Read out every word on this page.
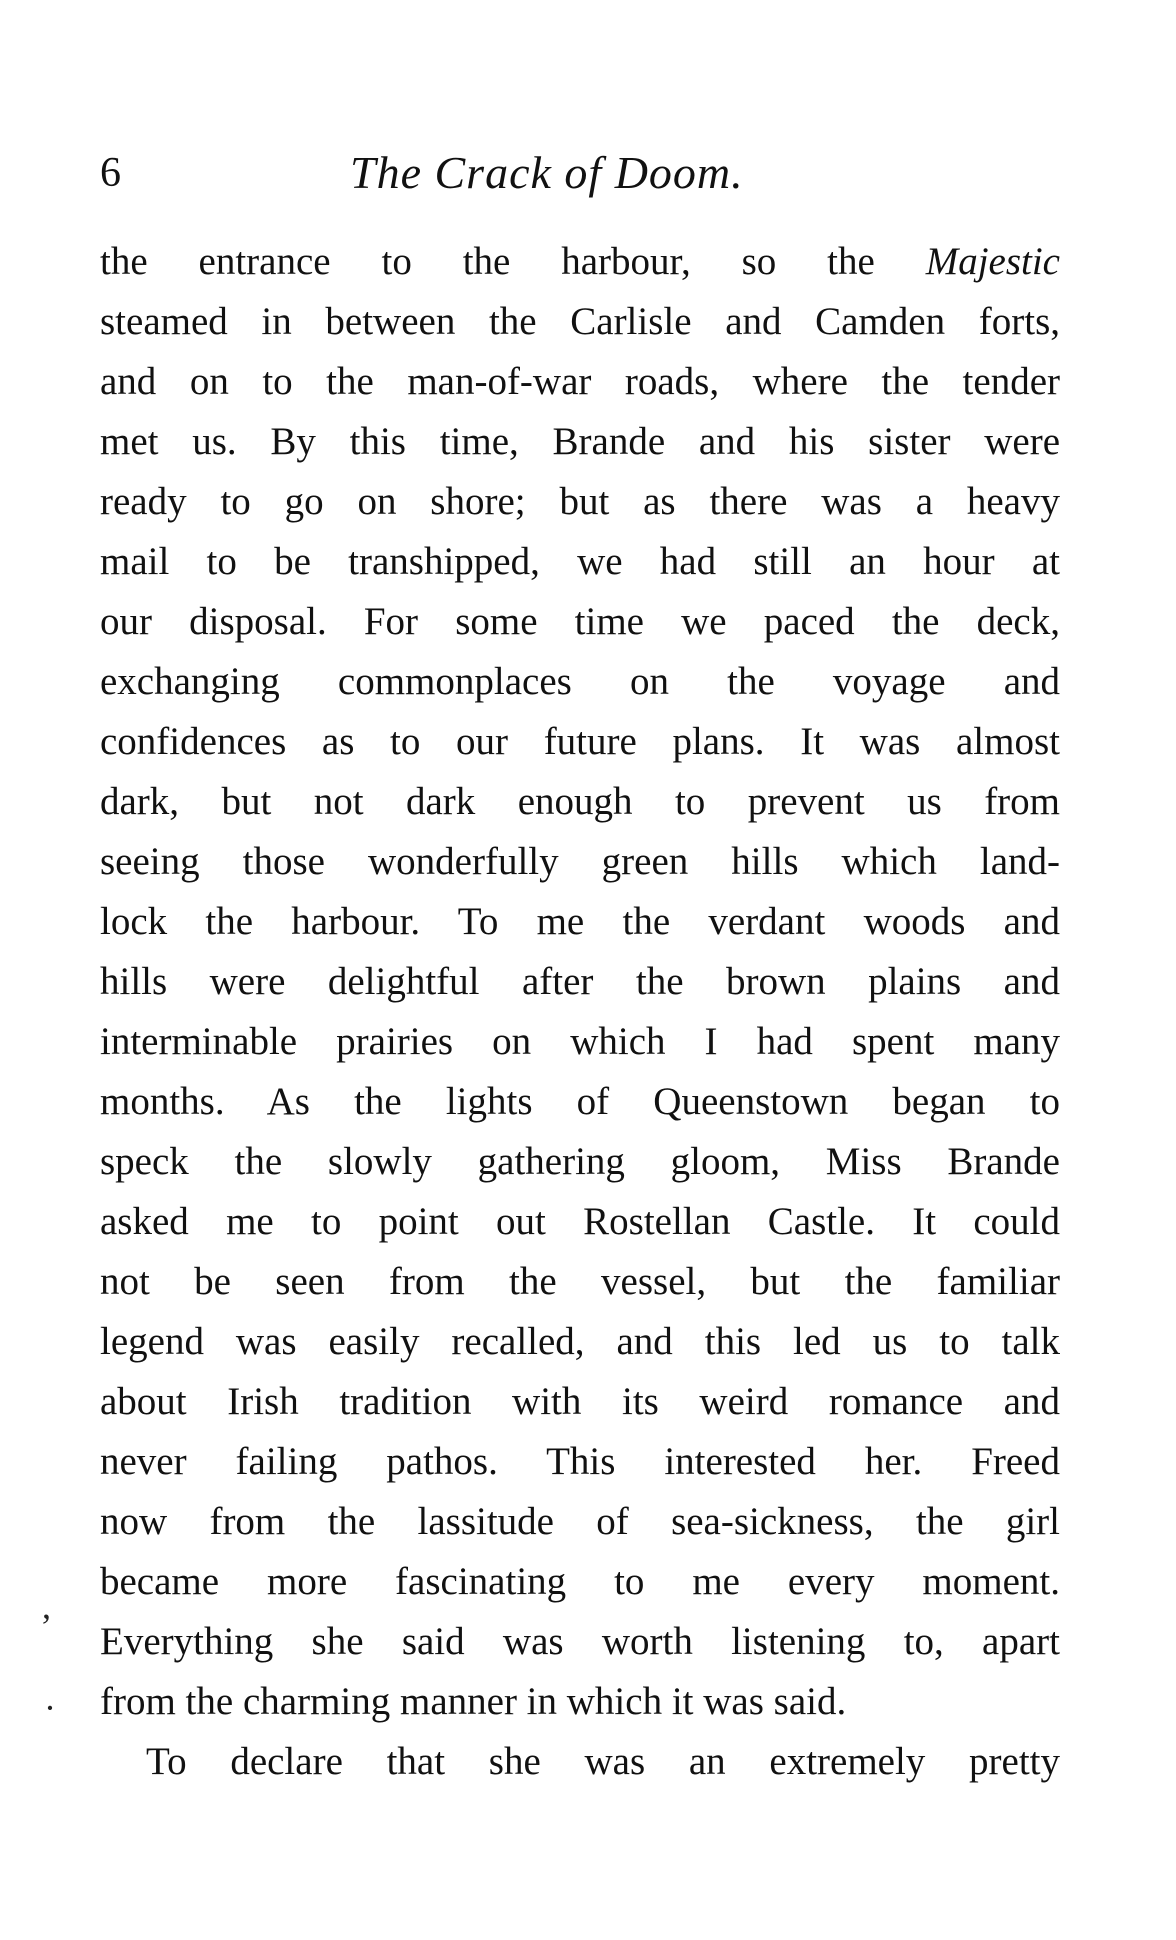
6	The Crack of Doom.
the entrance to the harbour, so the Majestic
steamed in between the Carlisle and Camden forts,
and on to the man-of-war roads, where the tender
met us. By this time, Brande and his sister were
ready to go on shore; but as there was a heavy
mail to be transhipped, we had still an hour at
our disposal. For some time we paced the deck,
exchanging commonplaces on the voyage and
confidences as to our future plans. It was almost
dark, but not dark enough to prevent us from
seeing those wonderfully green hills which land-
lock the harbour. To me the verdant woods and
hills were delightful after the brown plains and
interminable prairies on which I had spent many
months. As the lights of Queenstown began to
speck the slowly gathering gloom, Miss Brande
asked me to point out Rostellan Castle. It could
not be seen from the vessel, but the familiar
legend was easily recalled, and this led us to talk
about Irish tradition with its weird romance and
never failing pathos. This interested her. Freed
now from the lassitude of sea-sickness, the girl
became more fascinating to me every moment.
Everything she said was worth listening to, apart
from the charming manner in which it was said.
To declare that she was an extremely pretty
,
·
